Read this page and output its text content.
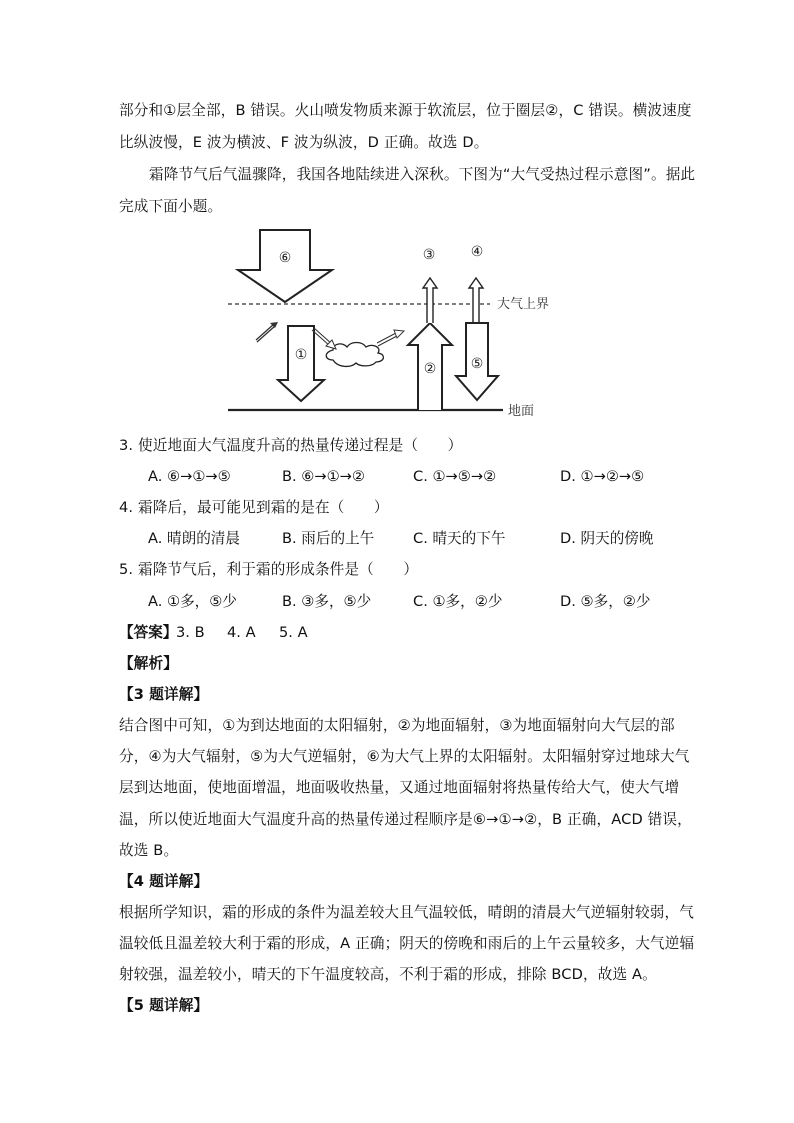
部分和①层全部，B 错误。火山喷发物质来源于软流层，位于圈层②，C 错误。横波速度
比纵波慢，E 波为横波、F 波为纵波，D 正确。故选 D。
霜降节气后气温骤降，我国各地陆续进入深秋。下图为“大气受热过程示意图”。据此
完成下面小题。
大气上界
地面
⑥
①
②
③	④
⑤
3. 使近地面大气温度升高的热量传递过程是（　　）
A. ⑥→①→⑤	B. ⑥→①→②	C. ①→⑤→②	D. ①→②→⑤
4. 霜降后，最可能见到霜的是在（　　）
A. 晴朗的清晨	B. 雨后的上午	C. 晴天的下午	D. 阴天的傍晚
5. 霜降节气后，利于霜的形成条件是（　　）
A. ①多，⑤少	B. ③多，⑤少	C. ①多，②少	D. ⑤多，②少
【答案】
3. B 4. A 5. A
【解析】
【3 题详解】
结合图中可知，①为到达地面的太阳辐射，②为地面辐射，③为地面辐射向大气层的部
分，④为大气辐射，⑤为大气逆辐射，⑥为大气上界的太阳辐射。太阳辐射穿过地球大气
层到达地面，使地面增温，地面吸收热量，又通过地面辐射将热量传给大气，使大气增
温，所以使近地面大气温度升高的热量传递过程顺序是⑥→①→②，B 正确，ACD 错误，
故选 B。
【4 题详解】
根据所学知识，霜的形成的条件为温差较大且气温较低，晴朗的清晨大气逆辐射较弱，气
温较低且温差较大利于霜的形成，A 正确；阴天的傍晚和雨后的上午云量较多，大气逆辐
射较强，温差较小，晴天的下午温度较高，不利于霜的形成，排除 BCD，故选 A。
【5 题详解】
